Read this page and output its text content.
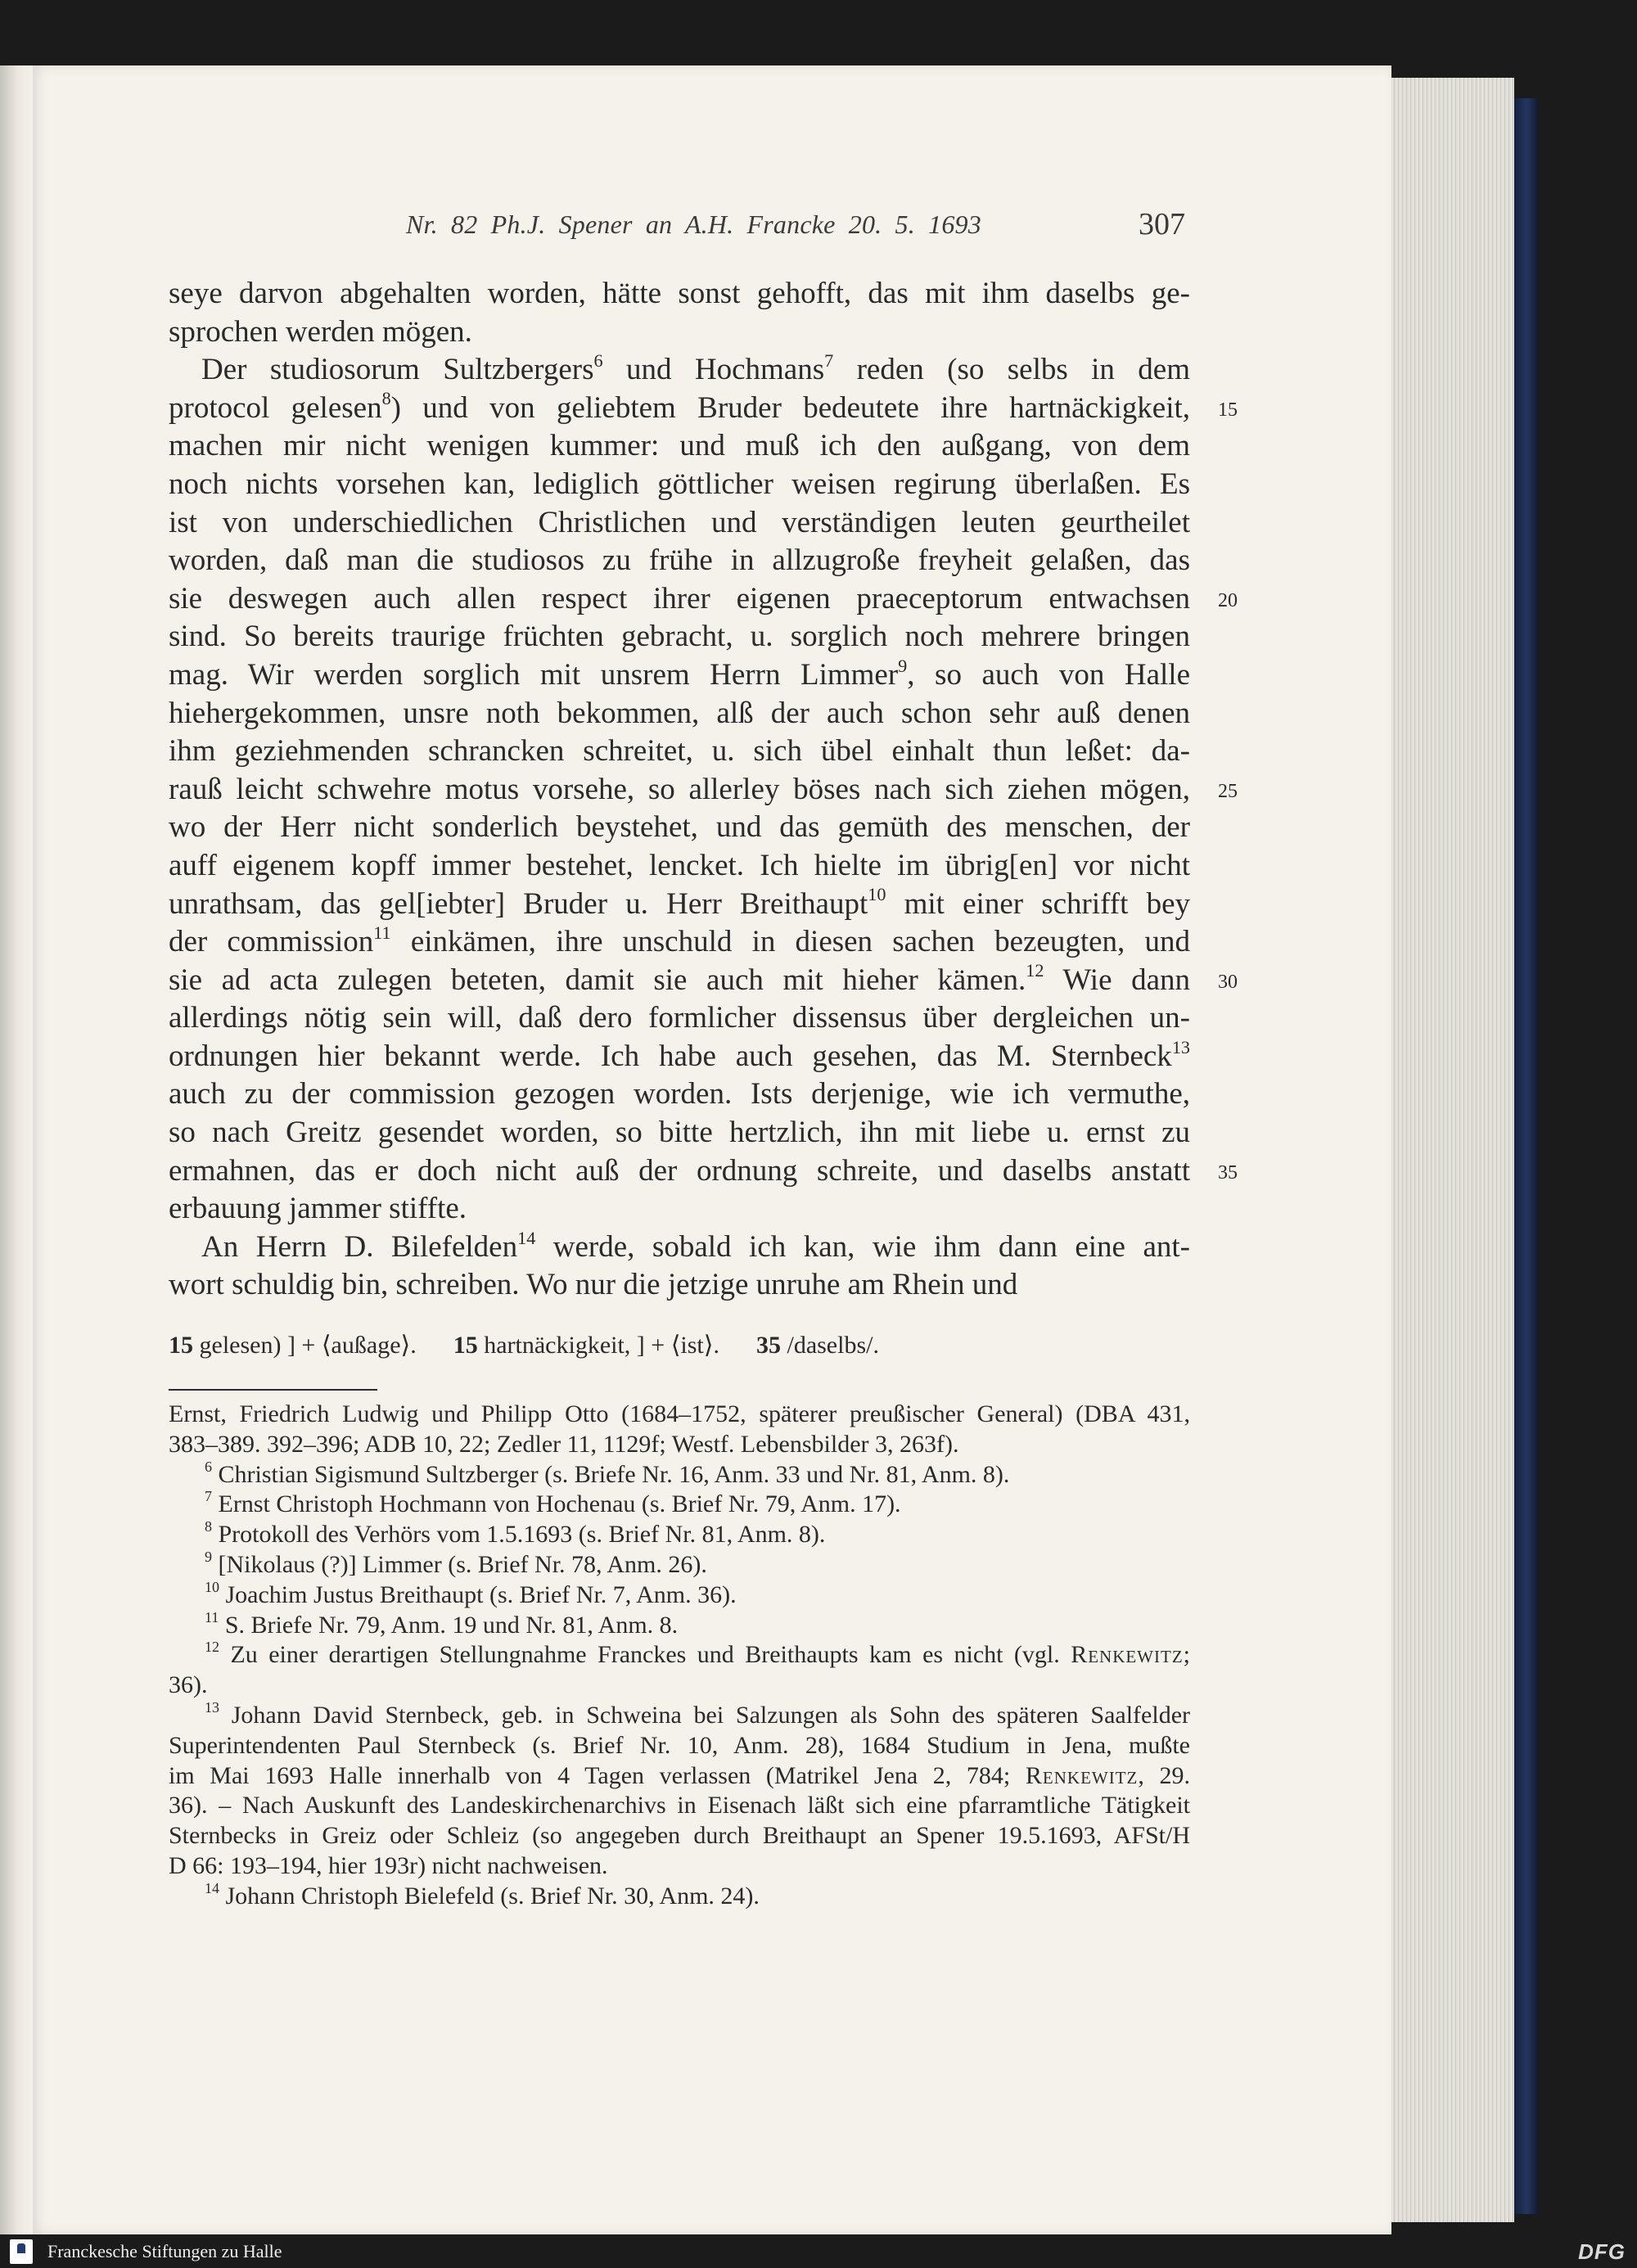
Nr. 82 Ph.J. Spener an A.H. Francke 20. 5. 1693	307
seye darvon abgehalten worden, hätte sonst gehofft, das mit ihm daselbs ge-
sprochen werden mögen.
Der studiosorum Sultzbergers$^6$ und Hochmans$^7$ reden (so selbs in dem
protocol gelesen$^8$) und von geliebtem Bruder bedeutete ihre hartnäckigkeit,
machen mir nicht wenigen kummer: und muß ich den außgang, von dem
noch nichts vorsehen kan, lediglich göttlicher weisen regirung überlaßen. Es
ist von underschiedlichen Christlichen und verständigen leuten geurtheilet
worden, daß man die studiosos zu frühe in allzugroße freyheit gelaßen, das
sie deswegen auch allen respect ihrer eigenen praeceptorum entwachsen
sind. So bereits traurige früchten gebracht, u. sorglich noch mehrere bringen
mag. Wir werden sorglich mit unsrem Herrn Limmer$^9$, so auch von Halle
hiehergekommen, unsre noth bekommen, alß der auch schon sehr auß denen
ihm geziehmenden schrancken schreitet, u. sich übel einhalt thun leßet: da-
rauß leicht schwehre motus vorsehe, so allerley böses nach sich ziehen mögen,
wo der Herr nicht sonderlich beystehet, und das gemüth des menschen, der
auff eigenem kopff immer bestehet, lencket. Ich hielte im übrig[en] vor nicht
unrathsam, das gel[iebter] Bruder u. Herr Breithaupt$^{10}$ mit einer schrifft bey
der commission$^{11}$ einkämen, ihre unschuld in diesen sachen bezeugten, und
sie ad acta zulegen beteten, damit sie auch mit hieher kämen.$^{12}$ Wie dann
allerdings nötig sein will, daß dero formlicher dissensus über dergleichen un-
ordnungen hier bekannt werde. Ich habe auch gesehen, das M. Sternbeck$^{13}$
auch zu der commission gezogen worden. Ists derjenige, wie ich vermuthe,
so nach Greitz gesendet worden, so bitte hertzlich, ihn mit liebe u. ernst zu
ermahnen, das er doch nicht auß der ordnung schreite, und daselbs anstatt
erbauung jammer stiffte.
An Herrn D. Bilefelden$^{14}$ werde, sobald ich kan, wie ihm dann eine ant-
wort schuldig bin, schreiben. Wo nur die jetzige unruhe am Rhein und
15
20
25
30
35
15 gelesen) ] + ⟨außage⟩.   15 hartnäckigkeit, ] + ⟨ist⟩.   35 /daselbs/.
Ernst, Friedrich Ludwig und Philipp Otto (1684–1752, späterer preußischer General) (DBA 431,
383–389. 392–396; ADB 10, 22; Zedler 11, 1129f; Westf. Lebensbilder 3, 263f).
$^6$ Christian Sigismund Sultzberger (s. Briefe Nr. 16, Anm. 33 und Nr. 81, Anm. 8).
$^7$ Ernst Christoph Hochmann von Hochenau (s. Brief Nr. 79, Anm. 17).
$^8$ Protokoll des Verhörs vom 1.5.1693 (s. Brief Nr. 81, Anm. 8).
$^9$ [Nikolaus (?)] Limmer (s. Brief Nr. 78, Anm. 26).
$^{10}$ Joachim Justus Breithaupt (s. Brief Nr. 7, Anm. 36).
$^{11}$ S. Briefe Nr. 79, Anm. 19 und Nr. 81, Anm. 8.
$^{12}$ Zu einer derartigen Stellungnahme Franckes und Breithaupts kam es nicht (vgl. Renkewitz;
36).
$^{13}$ Johann David Sternbeck, geb. in Schweina bei Salzungen als Sohn des späteren Saalfelder
Superintendenten Paul Sternbeck (s. Brief Nr. 10, Anm. 28), 1684 Studium in Jena, mußte
im Mai 1693 Halle innerhalb von 4 Tagen verlassen (Matrikel Jena 2, 784; Renkewitz, 29.
36). – Nach Auskunft des Landeskirchenarchivs in Eisenach läßt sich eine pfarramtliche Tätigkeit
Sternbecks in Greiz oder Schleiz (so angegeben durch Breithaupt an Spener 19.5.1693, AFSt/H
D 66: 193–194, hier 193r) nicht nachweisen.
$^{14}$ Johann Christoph Bielefeld (s. Brief Nr. 30, Anm. 24).
Franckesche Stiftungen zu Halle	DFG
